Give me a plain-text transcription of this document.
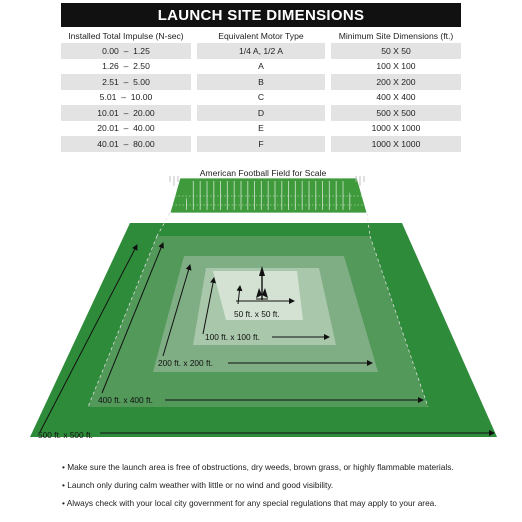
LAUNCH SITE DIMENSIONS
Installed Total Impulse (N-sec)		Equivalent Motor Type		Minimum Site Dimensions (ft.)
0.00 – 1.25		1/4 A, 1/2 A		50 X 50
1.26 – 2.50		A		100 X 100
2.51 – 5.00		B		200 X 200
5.01 – 10.00		C		400 X 400
10.01 – 20.00		D		500 X 500
20.01 – 40.00		E		1000 X 1000
40.01 – 80.00		F		1000 X 1000
500 ft. x 500 ft.
400 ft. x 400 ft.
200 ft. x 200 ft.
100 ft. x 100 ft.
50 ft. x 50 ft.
American Football Field for Scale
• Make sure the launch area is free of obstructions, dry weeds, brown grass, or highly flammable materials.
• Launch only during calm weather with little or no wind and good visibility.
• Always check with your local city government for any special regulations that may apply to your area.
